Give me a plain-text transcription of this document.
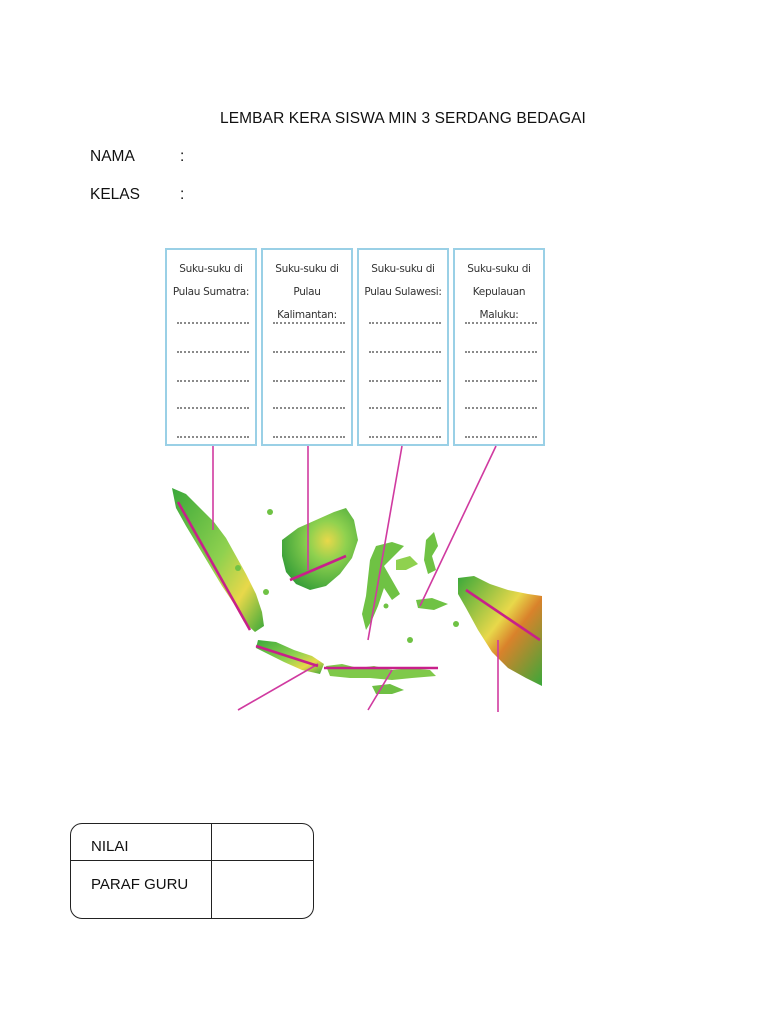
LEMBAR KERA SISWA MIN 3 SERDANG BEDAGAI
NAMA	:
KELAS	:
Suku-suku di
Pulau Sumatra:
Suku-suku di
Pulau Kalimantan:
Suku-suku di
Pulau Sulawesi:
Suku-suku di
Kepulauan Maluku:
NILAI
PARAF GURU
